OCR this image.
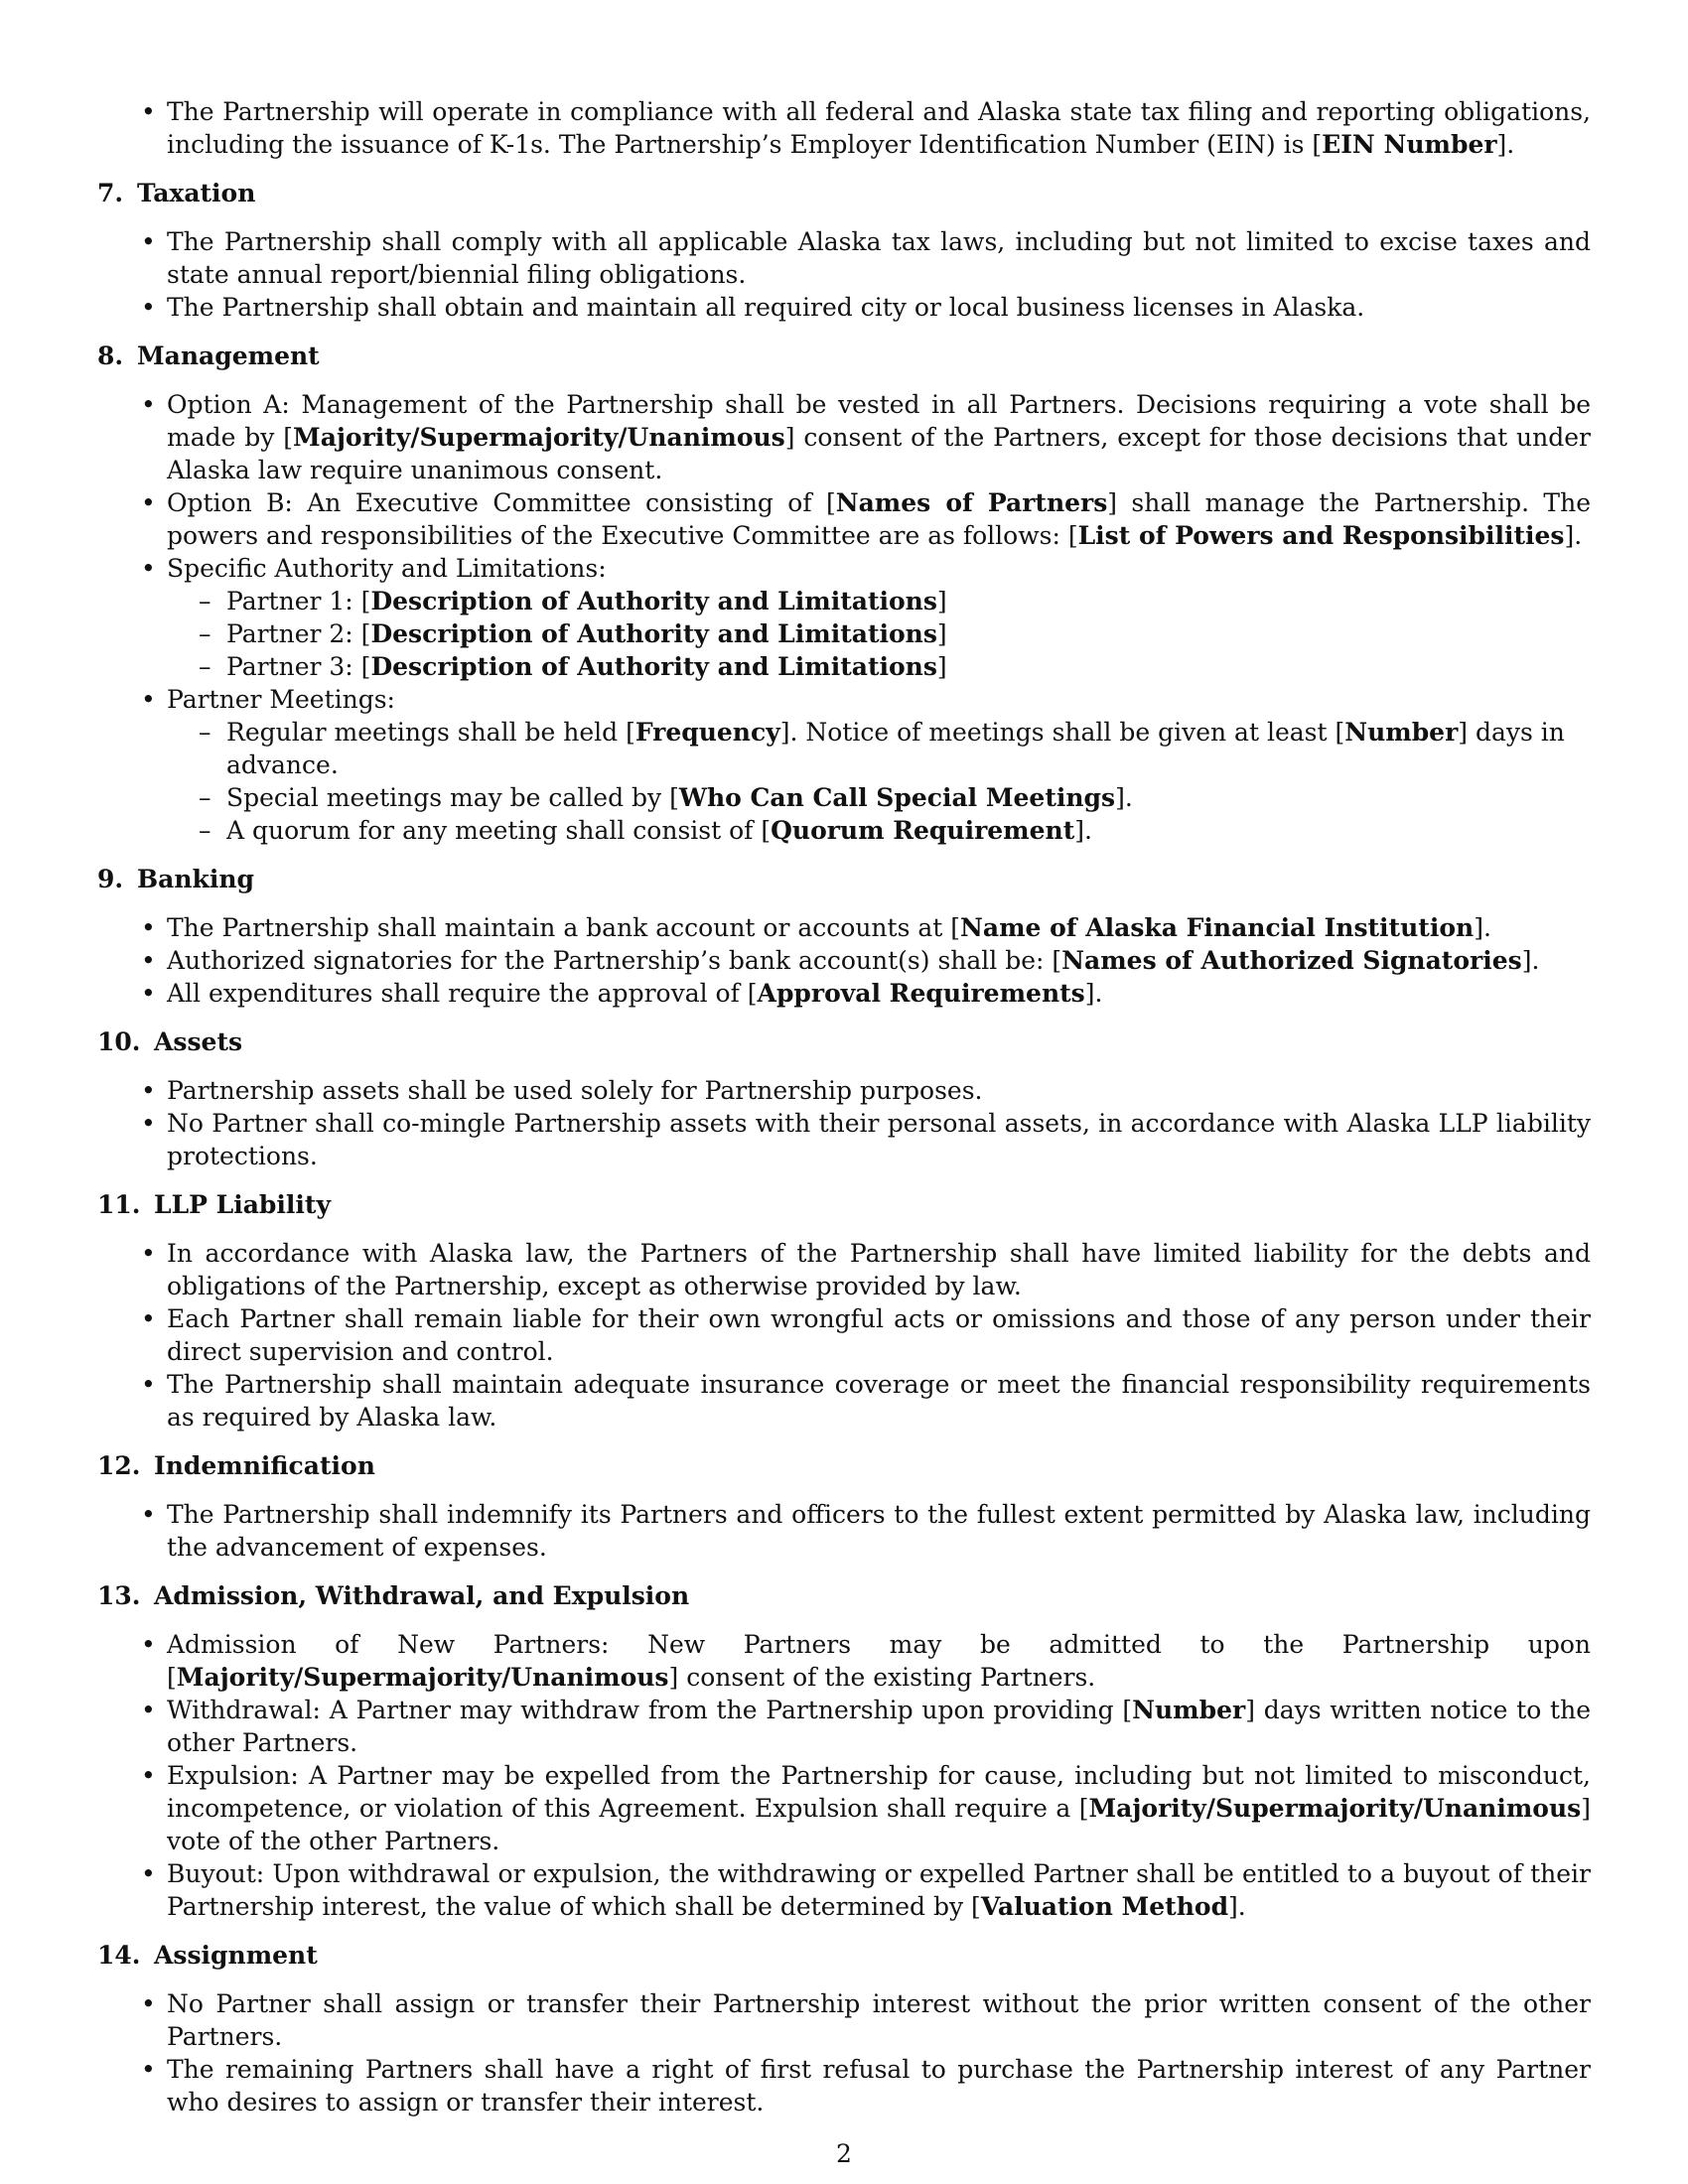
• The Partnership will operate in compliance with all federal and Alaska state tax filing and reporting obligations, including the issuance of K-1s. The Partnership’s Employer Identification Number (EIN) is [EIN Number].
7. Taxation
• The Partnership shall comply with all applicable Alaska tax laws, including but not limited to excise taxes and state annual report/biennial filing obligations.
• The Partnership shall obtain and maintain all required city or local business licenses in Alaska.
8. Management
• Option A: Management of the Partnership shall be vested in all Partners. Decisions requiring a vote shall be made by [Majority/Supermajority/Unanimous] consent of the Partners, except for those decisions that under Alaska law require unanimous consent.
• Option B: An Executive Committee consisting of [Names of Partners] shall manage the Partnership. The powers and responsibilities of the Executive Committee are as follows: [List of Powers and Responsibilities].
• Specific Authority and Limitations:
– Partner 1: [Description of Authority and Limitations]
– Partner 2: [Description of Authority and Limitations]
– Partner 3: [Description of Authority and Limitations]
• Partner Meetings:
– Regular meetings shall be held [Frequency]. Notice of meetings shall be given at least [Number] days in advance.
– Special meetings may be called by [Who Can Call Special Meetings].
– A quorum for any meeting shall consist of [Quorum Requirement].
9. Banking
• The Partnership shall maintain a bank account or accounts at [Name of Alaska Financial Institution].
• Authorized signatories for the Partnership’s bank account(s) shall be: [Names of Authorized Signatories].
• All expenditures shall require the approval of [Approval Requirements].
10. Assets
• Partnership assets shall be used solely for Partnership purposes.
• No Partner shall co-mingle Partnership assets with their personal assets, in accordance with Alaska LLP liability protections.
11. LLP Liability
• In accordance with Alaska law, the Partners of the Partnership shall have limited liability for the debts and obligations of the Partnership, except as otherwise provided by law.
• Each Partner shall remain liable for their own wrongful acts or omissions and those of any person under their direct supervision and control.
• The Partnership shall maintain adequate insurance coverage or meet the financial responsibility requirements as required by Alaska law.
12. Indemnification
• The Partnership shall indemnify its Partners and officers to the fullest extent permitted by Alaska law, including the advancement of expenses.
13. Admission, Withdrawal, and Expulsion
• Admission of New Partners: New Partners may be admitted to the Partnership upon [Majority/Supermajority/Unanimous] consent of the existing Partners.
• Withdrawal: A Partner may withdraw from the Partnership upon providing [Number] days written notice to the other Partners.
• Expulsion: A Partner may be expelled from the Partnership for cause, including but not limited to misconduct, incompetence, or violation of this Agreement. Expulsion shall require a [Majority/Supermajority/Unanimous] vote of the other Partners.
• Buyout: Upon withdrawal or expulsion, the withdrawing or expelled Partner shall be entitled to a buyout of their Partnership interest, the value of which shall be determined by [Valuation Method].
14. Assignment
• No Partner shall assign or transfer their Partnership interest without the prior written consent of the other Partners.
• The remaining Partners shall have a right of first refusal to purchase the Partnership interest of any Partner who desires to assign or transfer their interest.
2
